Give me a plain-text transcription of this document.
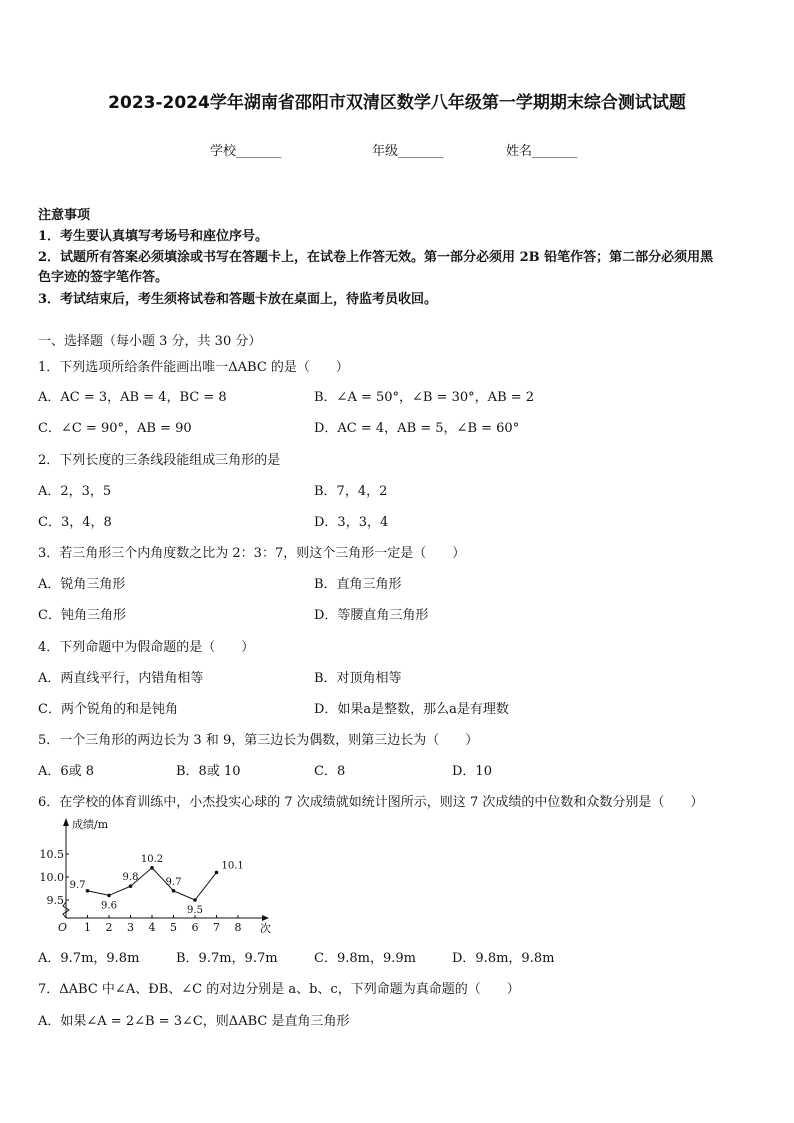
2023-2024学年湖南省邵阳市双清区数学八年级第一学期期末综合测试试题
学校_______	年级_______	姓名_______
注意事项
1．考生要认真填写考场号和座位序号。
2．试题所有答案必须填涂或书写在答题卡上，在试卷上作答无效。第一部分必须用 2B 铅笔作答；第二部分必须用黑
色字迹的签字笔作答。
3．考试结束后，考生须将试卷和答题卡放在桌面上，待监考员收回。
一、选择题（每小题 3 分，共 30 分）
1．下列选项所给条件能画出唯一ΔABC 的是（　　）
A．AC = 3，AB = 4，BC = 8	B．∠A = 50°，∠B = 30°，AB = 2
C．∠C = 90°，AB = 90	D．AC = 4，AB = 5，∠B = 60°
2．下列长度的三条线段能组成三角形的是
A．2，3，5	B．7，4，2
C．3，4，8	D．3，3，4
3．若三角形三个内角度数之比为 2：3：7，则这个三角形一定是（　　）
A．锐角三角形	B．直角三角形
C．钝角三角形	D．等腰直角三角形
4．下列命题中为假命题的是（　　）
A．两直线平行，内错角相等	B．对顶角相等
C．两个锐角的和是钝角	D．如果a是整数，那么a是有理数
5．一个三角形的两边长为 3 和 9，第三边长为偶数，则第三边长为（　　）
A．6或 8	B．8或 10	C．8	D．10
6．在学校的体育训练中，小杰投实心球的 7 次成绩就如统计图所示，则这 7 次成绩的中位数和众数分别是（　　）
成绩/m
次
O
9.5
10.0
10.5
1 2 3 4 5 6 7 8
9.7
9.6
9.8
10.2
9.7
9.5
10.1
A．9.7m，9.8m	B．9.7m，9.7m	C．9.8m，9.9m	D．9.8m，9.8m
7．ΔABC 中∠A、ÐB、∠C 的对边分别是 a、b、c，下列命题为真命题的（　　）
A．如果∠A = 2∠B = 3∠C，则ΔABC 是直角三角形
